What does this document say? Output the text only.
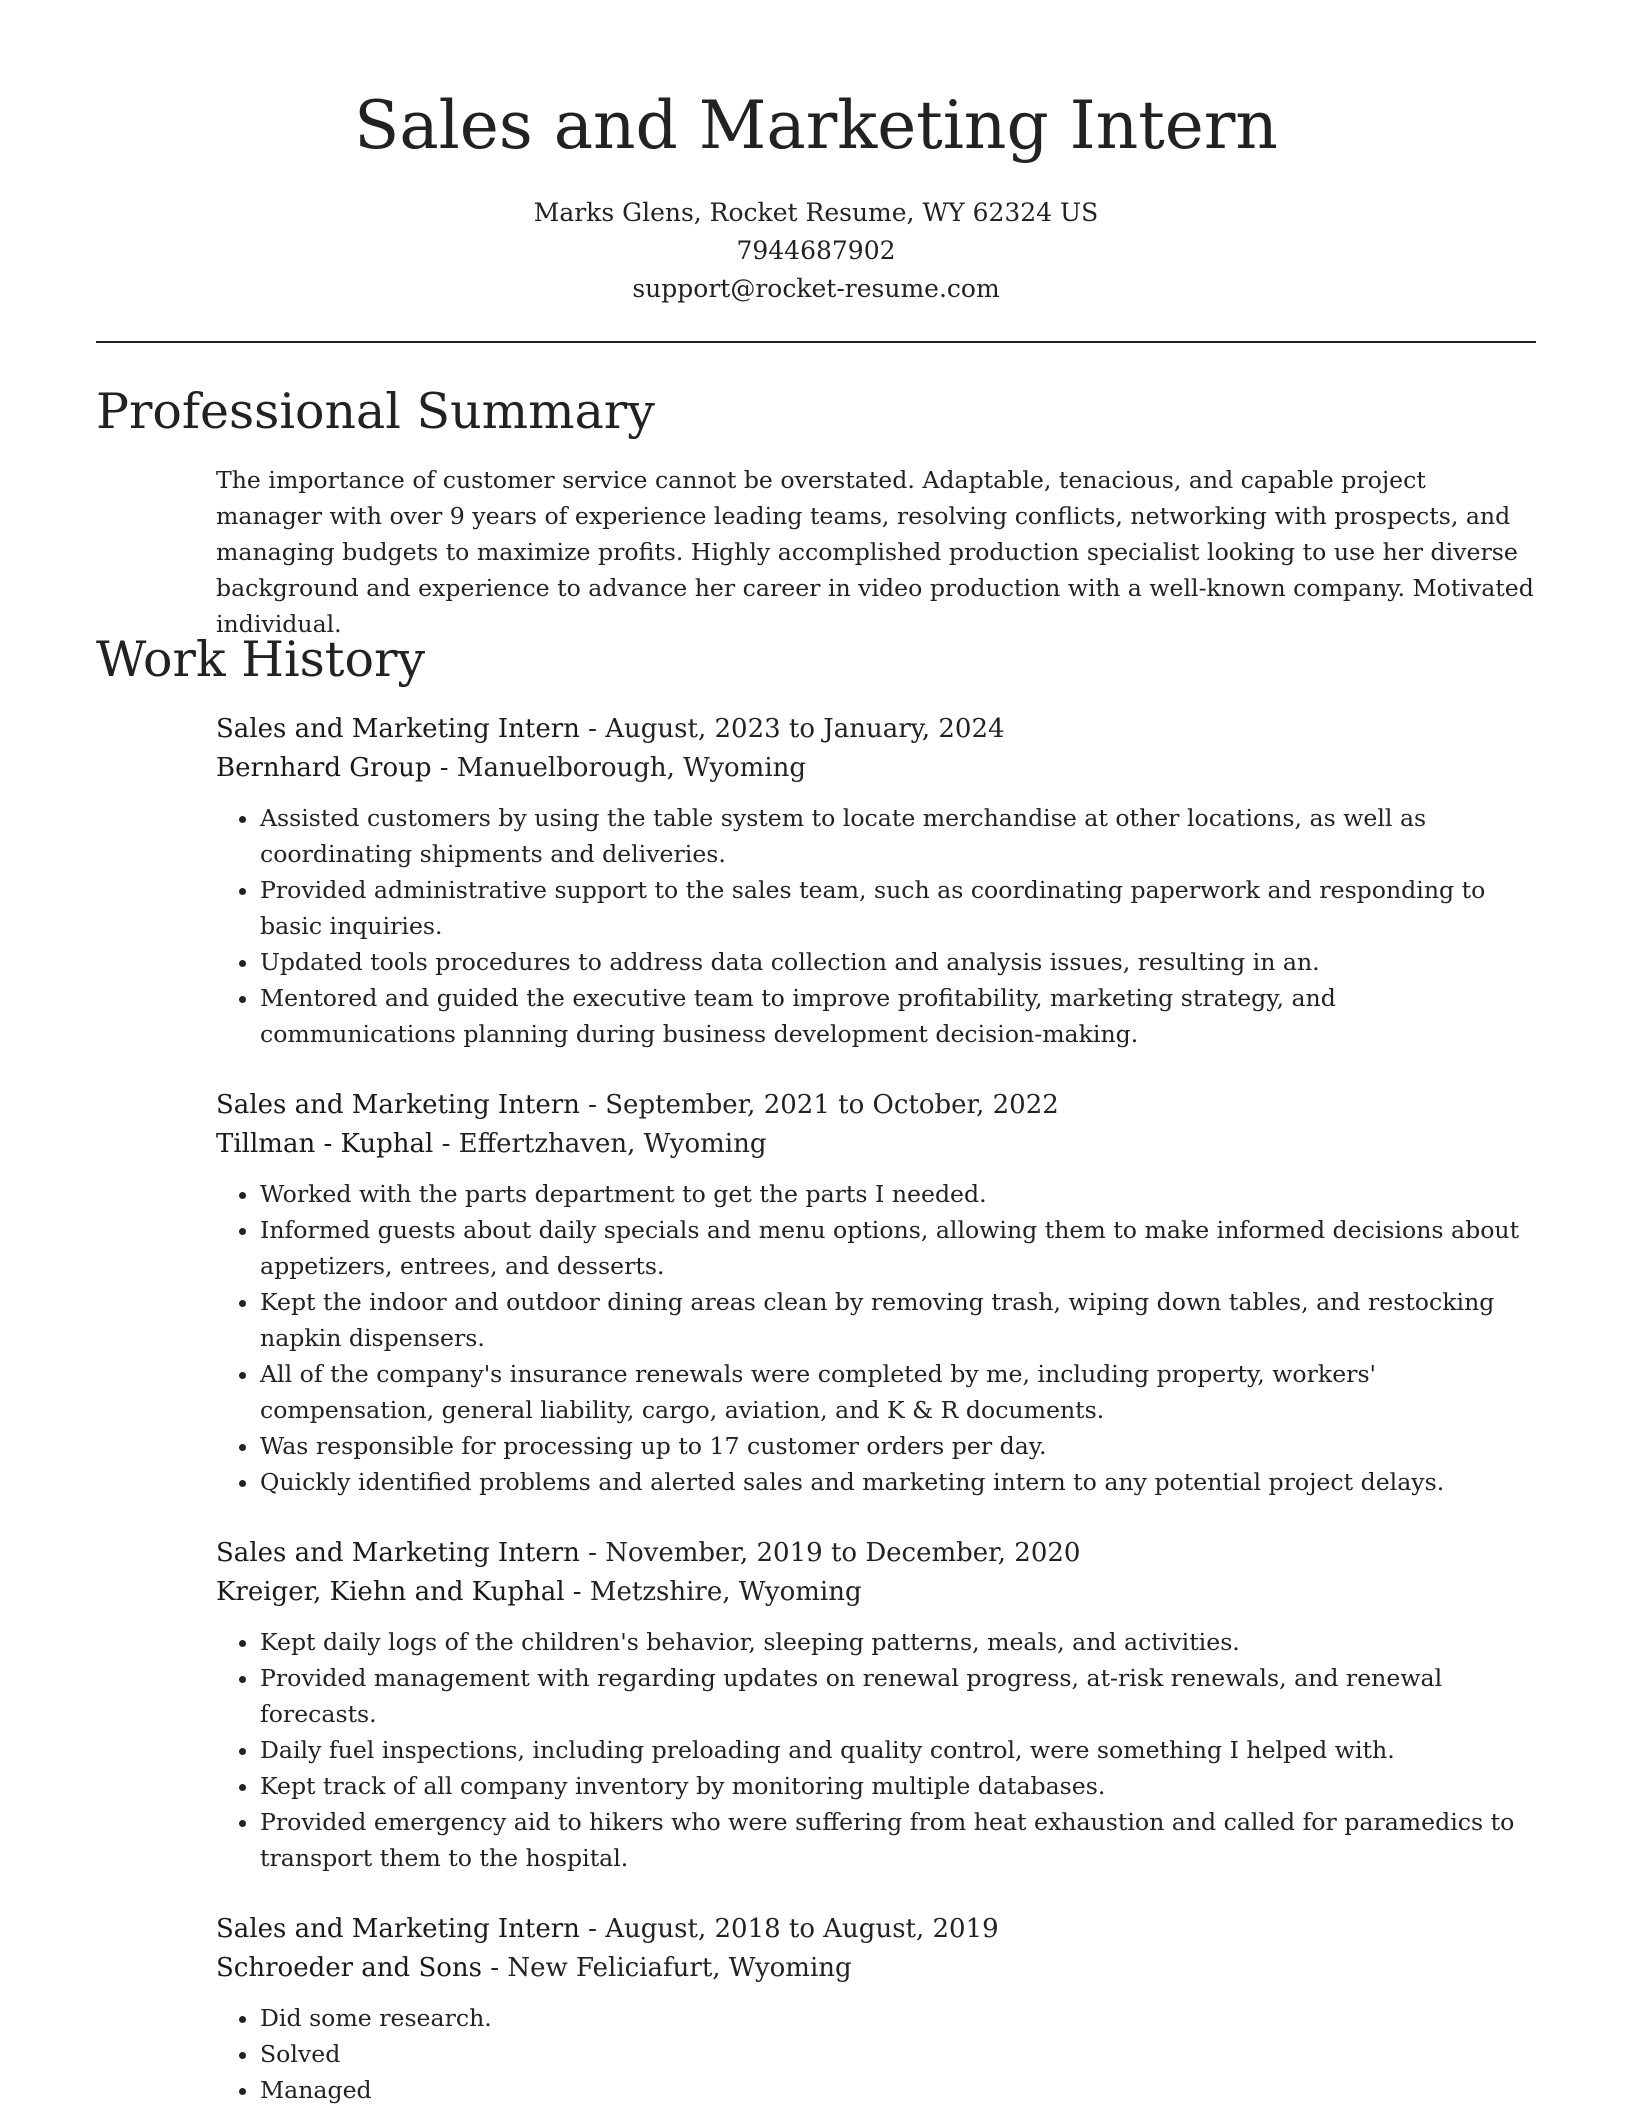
Sales and Marketing Intern
Marks Glens, Rocket Resume, WY 62324 US
7944687902
support@rocket-resume.com
Professional Summary
The importance of customer service cannot be overstated. Adaptable, tenacious, and capable project manager with over 9 years of experience leading teams, resolving conflicts, networking with prospects, and managing budgets to maximize profits. Highly accomplished production specialist looking to use her diverse background and experience to advance her career in video production with a well-known company. Motivated individual.
Work History
Sales and Marketing Intern - August, 2023 to January, 2024
Bernhard Group - Manuelborough, Wyoming
• Assisted customers by using the table system to locate merchandise at other locations, as well as coordinating shipments and deliveries.
• Provided administrative support to the sales team, such as coordinating paperwork and responding to basic inquiries.
• Updated tools procedures to address data collection and analysis issues, resulting in an.
• Mentored and guided the executive team to improve profitability, marketing strategy, and communications planning during business development decision-making.
Sales and Marketing Intern - September, 2021 to October, 2022
Tillman - Kuphal - Effertzhaven, Wyoming
• Worked with the parts department to get the parts I needed.
• Informed guests about daily specials and menu options, allowing them to make informed decisions about appetizers, entrees, and desserts.
• Kept the indoor and outdoor dining areas clean by removing trash, wiping down tables, and restocking napkin dispensers.
• All of the company's insurance renewals were completed by me, including property, workers' compensation, general liability, cargo, aviation, and K & R documents.
• Was responsible for processing up to 17 customer orders per day.
• Quickly identified problems and alerted sales and marketing intern to any potential project delays.
Sales and Marketing Intern - November, 2019 to December, 2020
Kreiger, Kiehn and Kuphal - Metzshire, Wyoming
• Kept daily logs of the children's behavior, sleeping patterns, meals, and activities.
• Provided management with regarding updates on renewal progress, at-risk renewals, and renewal forecasts.
• Daily fuel inspections, including preloading and quality control, were something I helped with.
• Kept track of all company inventory by monitoring multiple databases.
• Provided emergency aid to hikers who were suffering from heat exhaustion and called for paramedics to transport them to the hospital.
Sales and Marketing Intern - August, 2018 to August, 2019
Schroeder and Sons - New Feliciafurt, Wyoming
• Did some research.
• Solved
• Managed
